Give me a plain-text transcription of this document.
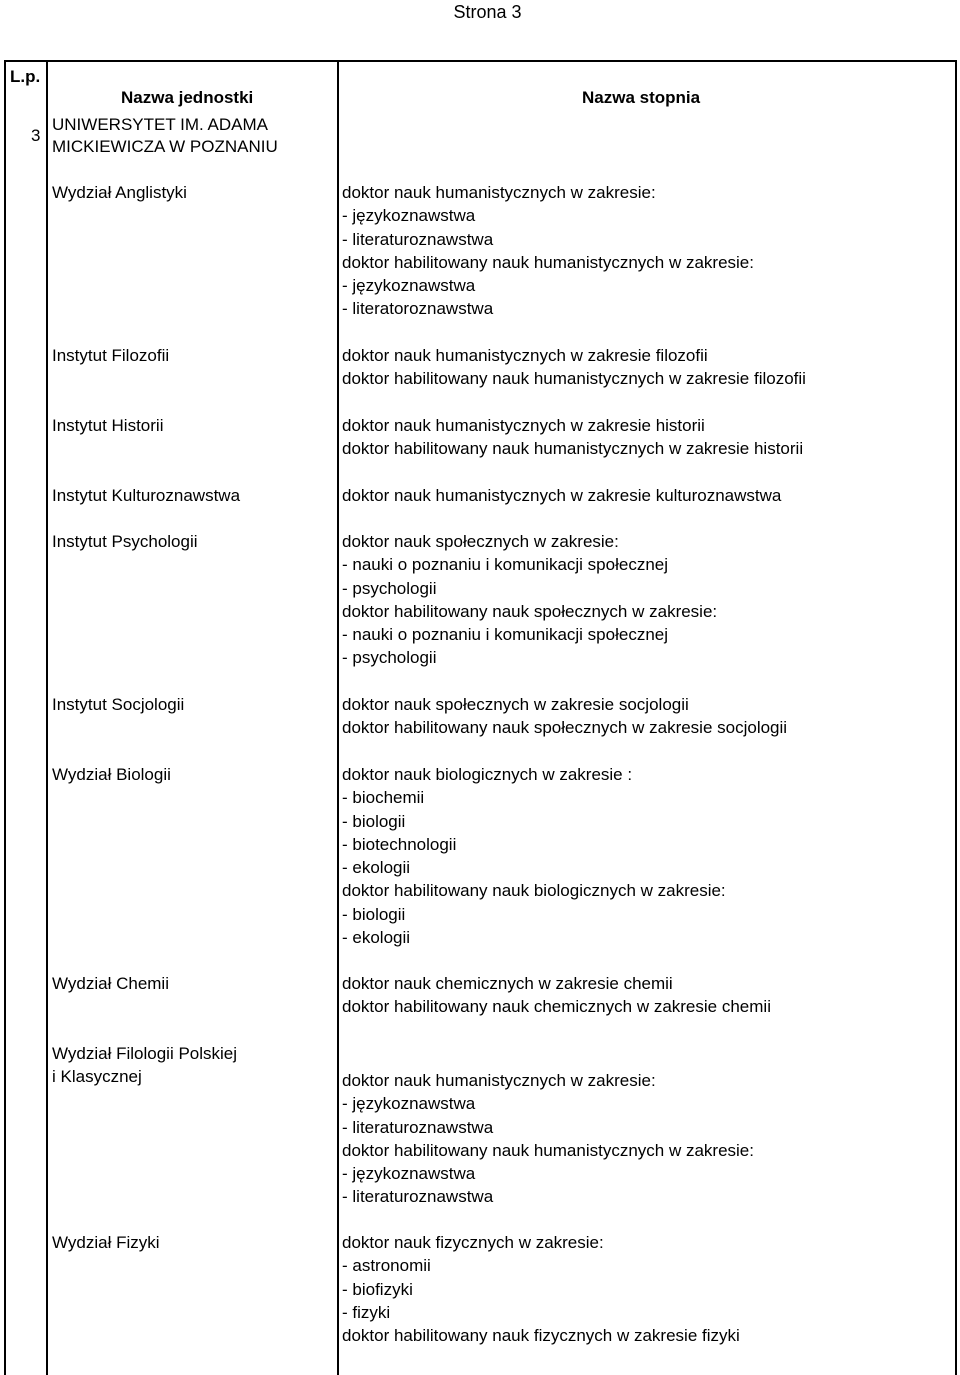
Strona 3
L.p.
Nazwa jednostki	Nazwa stopnia
3
UNIWERSYTET IM. ADAMA
MICKIEWICZA W POZNANIU
Wydział Anglistyki	doktor nauk humanistycznych w zakresie:
- językoznawstwa
- literaturoznawstwa
doktor habilitowany nauk humanistycznych w zakresie:
- językoznawstwa
- literatoroznawstwa
Instytut Filozofii	doktor nauk humanistycznych w zakresie filozofii
doktor habilitowany nauk humanistycznych w zakresie filozofii
Instytut Historii	doktor nauk humanistycznych w zakresie historii
doktor habilitowany nauk humanistycznych w zakresie historii
Instytut Kulturoznawstwa	doktor nauk humanistycznych w zakresie kulturoznawstwa
Instytut Psychologii	doktor nauk społecznych w zakresie:
- nauki o poznaniu i komunikacji społecznej
- psychologii
doktor habilitowany nauk społecznych w zakresie:
- nauki o poznaniu i komunikacji społecznej
- psychologii
Instytut Socjologii	doktor nauk społecznych w zakresie socjologii
doktor habilitowany nauk społecznych w zakresie socjologii
Wydział Biologii	doktor nauk biologicznych w zakresie :
- biochemii
- biologii
- biotechnologii
- ekologii
doktor habilitowany nauk biologicznych w zakresie:
- biologii
- ekologii
Wydział Chemii	doktor nauk chemicznych w zakresie chemii
doktor habilitowany nauk chemicznych w zakresie chemii
Wydział Filologii Polskiej
i Klasycznej	doktor nauk humanistycznych w zakresie:
- językoznawstwa
- literaturoznawstwa
doktor habilitowany nauk humanistycznych w zakresie:
- językoznawstwa
- literaturoznawstwa
Wydział Fizyki	doktor nauk fizycznych w zakresie:
- astronomii
- biofizyki
- fizyki
doktor habilitowany nauk fizycznych w zakresie fizyki
